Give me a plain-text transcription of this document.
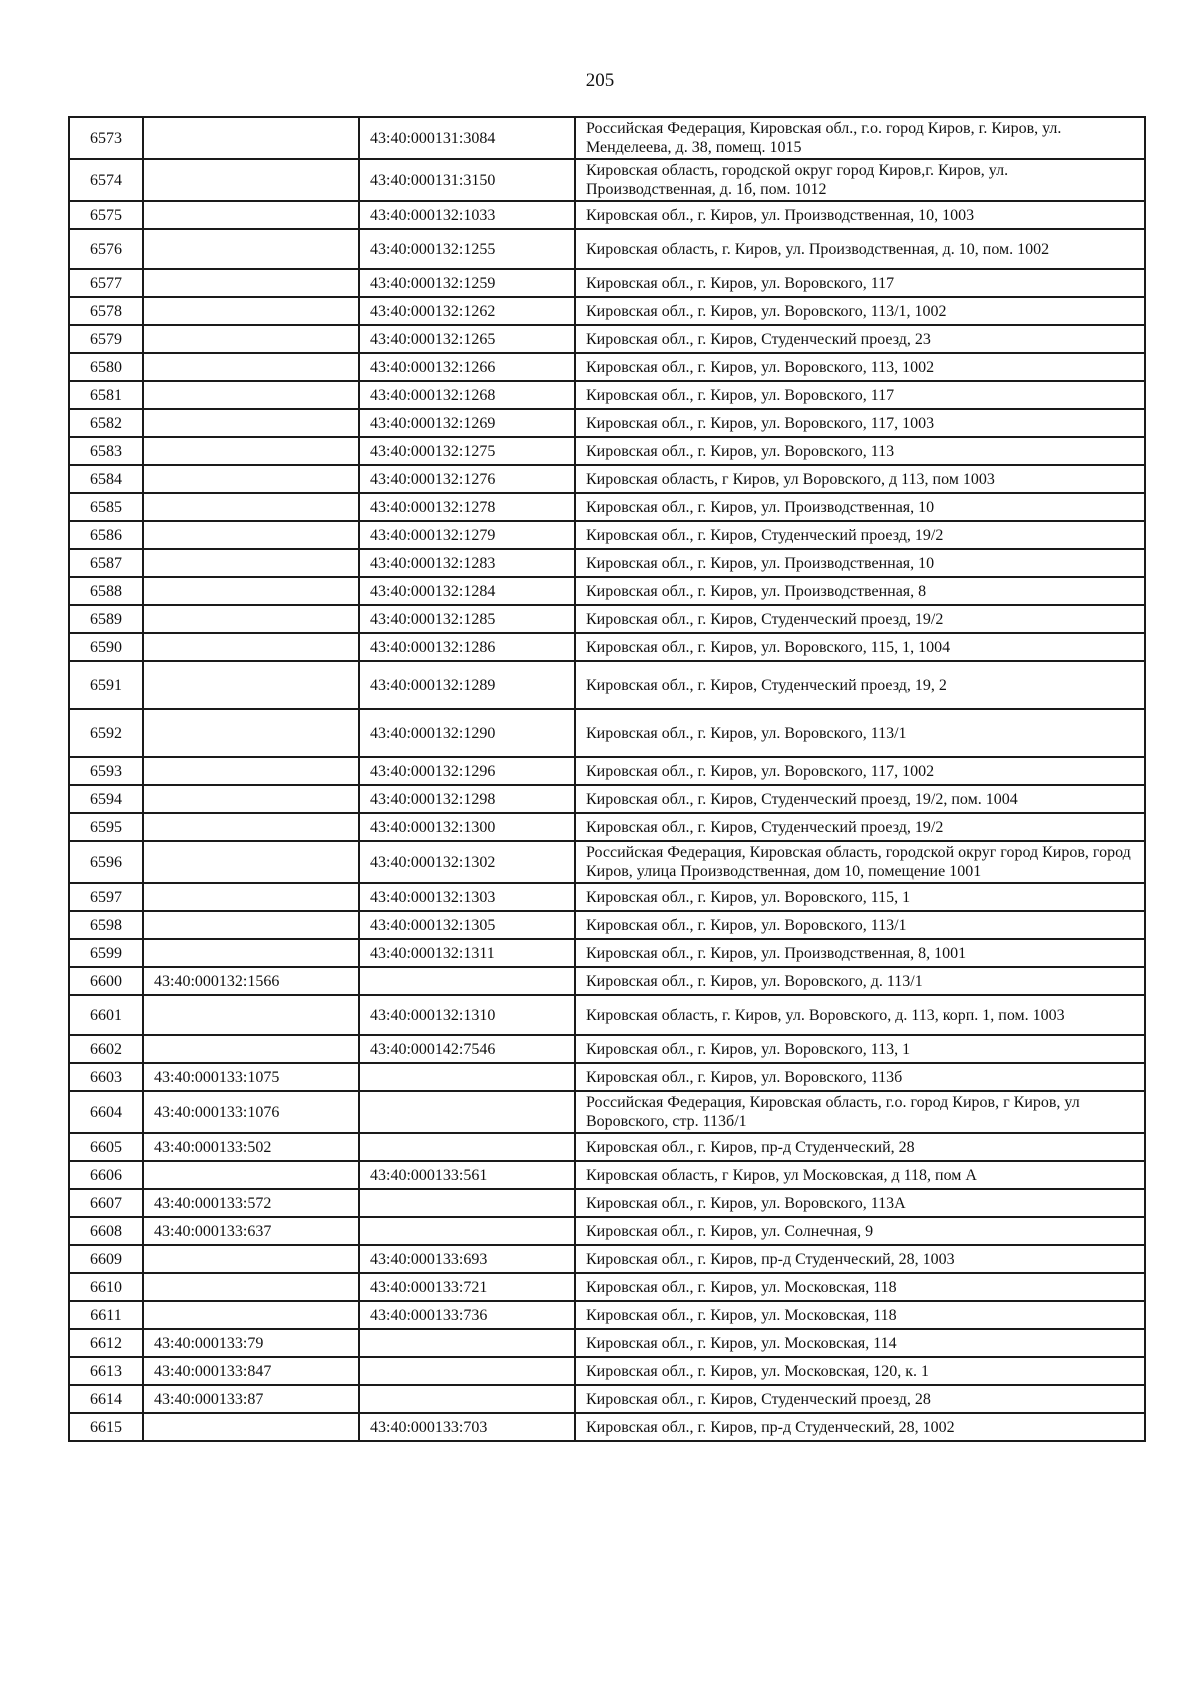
205
6573		43:40:000131:3084	Российская Федерация, Кировская обл., г.о. город Киров, г. Киров, ул. Менделеева, д. 38, помещ. 1015
6574		43:40:000131:3150	Кировская область, городской округ город Киров,г. Киров, ул. Производственная, д. 1б, пом. 1012
6575		43:40:000132:1033	Кировская обл., г. Киров, ул. Производственная, 10, 1003
6576		43:40:000132:1255	Кировская область, г. Киров, ул. Производственная, д. 10, пом. 1002
6577		43:40:000132:1259	Кировская обл., г. Киров, ул. Воровского, 117
6578		43:40:000132:1262	Кировская обл., г. Киров, ул. Воровского, 113/1, 1002
6579		43:40:000132:1265	Кировская обл., г. Киров, Студенческий проезд, 23
6580		43:40:000132:1266	Кировская обл., г. Киров, ул. Воровского, 113, 1002
6581		43:40:000132:1268	Кировская обл., г. Киров, ул. Воровского, 117
6582		43:40:000132:1269	Кировская обл., г. Киров, ул. Воровского, 117, 1003
6583		43:40:000132:1275	Кировская обл., г. Киров, ул. Воровского, 113
6584		43:40:000132:1276	Кировская область, г Киров, ул Воровского, д 113, пом 1003
6585		43:40:000132:1278	Кировская обл., г. Киров, ул. Производственная, 10
6586		43:40:000132:1279	Кировская обл., г. Киров, Студенческий проезд, 19/2
6587		43:40:000132:1283	Кировская обл., г. Киров, ул. Производственная, 10
6588		43:40:000132:1284	Кировская обл., г. Киров, ул. Производственная, 8
6589		43:40:000132:1285	Кировская обл., г. Киров, Студенческий проезд, 19/2
6590		43:40:000132:1286	Кировская обл., г. Киров, ул. Воровского, 115, 1, 1004
6591		43:40:000132:1289	Кировская обл., г. Киров, Студенческий проезд, 19, 2
6592		43:40:000132:1290	Кировская обл., г. Киров, ул. Воровского, 113/1
6593		43:40:000132:1296	Кировская обл., г. Киров, ул. Воровского, 117, 1002
6594		43:40:000132:1298	Кировская обл., г. Киров, Студенческий проезд, 19/2, пом. 1004
6595		43:40:000132:1300	Кировская обл., г. Киров, Студенческий проезд, 19/2
6596		43:40:000132:1302	Российская Федерация, Кировская область, городской округ город Киров, город Киров, улица Производственная, дом 10, помещение 1001
6597		43:40:000132:1303	Кировская обл., г. Киров, ул. Воровского, 115, 1
6598		43:40:000132:1305	Кировская обл., г. Киров, ул. Воровского, 113/1
6599		43:40:000132:1311	Кировская обл., г. Киров, ул. Производственная, 8, 1001
6600	43:40:000132:1566		Кировская обл., г. Киров, ул. Воровского, д. 113/1
6601		43:40:000132:1310	Кировская область, г. Киров, ул. Воровского, д. 113, корп. 1, пом. 1003
6602		43:40:000142:7546	Кировская обл., г. Киров, ул. Воровского, 113, 1
6603	43:40:000133:1075		Кировская обл., г. Киров, ул. Воровского, 113б
6604	43:40:000133:1076		Российская Федерация, Кировская область, г.о. город Киров, г Киров, ул Воровского, стр. 113б/1
6605	43:40:000133:502		Кировская обл., г. Киров, пр-д Студенческий, 28
6606		43:40:000133:561	Кировская область, г Киров, ул Московская, д 118, пом А
6607	43:40:000133:572		Кировская обл., г. Киров, ул. Воровского, 113А
6608	43:40:000133:637		Кировская обл., г. Киров, ул. Солнечная, 9
6609		43:40:000133:693	Кировская обл., г. Киров, пр-д Студенческий, 28, 1003
6610		43:40:000133:721	Кировская обл., г. Киров, ул. Московская, 118
6611		43:40:000133:736	Кировская обл., г. Киров, ул. Московская, 118
6612	43:40:000133:79		Кировская обл., г. Киров, ул. Московская, 114
6613	43:40:000133:847		Кировская обл., г. Киров, ул. Московская, 120, к. 1
6614	43:40:000133:87		Кировская обл., г. Киров, Студенческий проезд, 28
6615		43:40:000133:703	Кировская обл., г. Киров, пр-д Студенческий, 28, 1002
